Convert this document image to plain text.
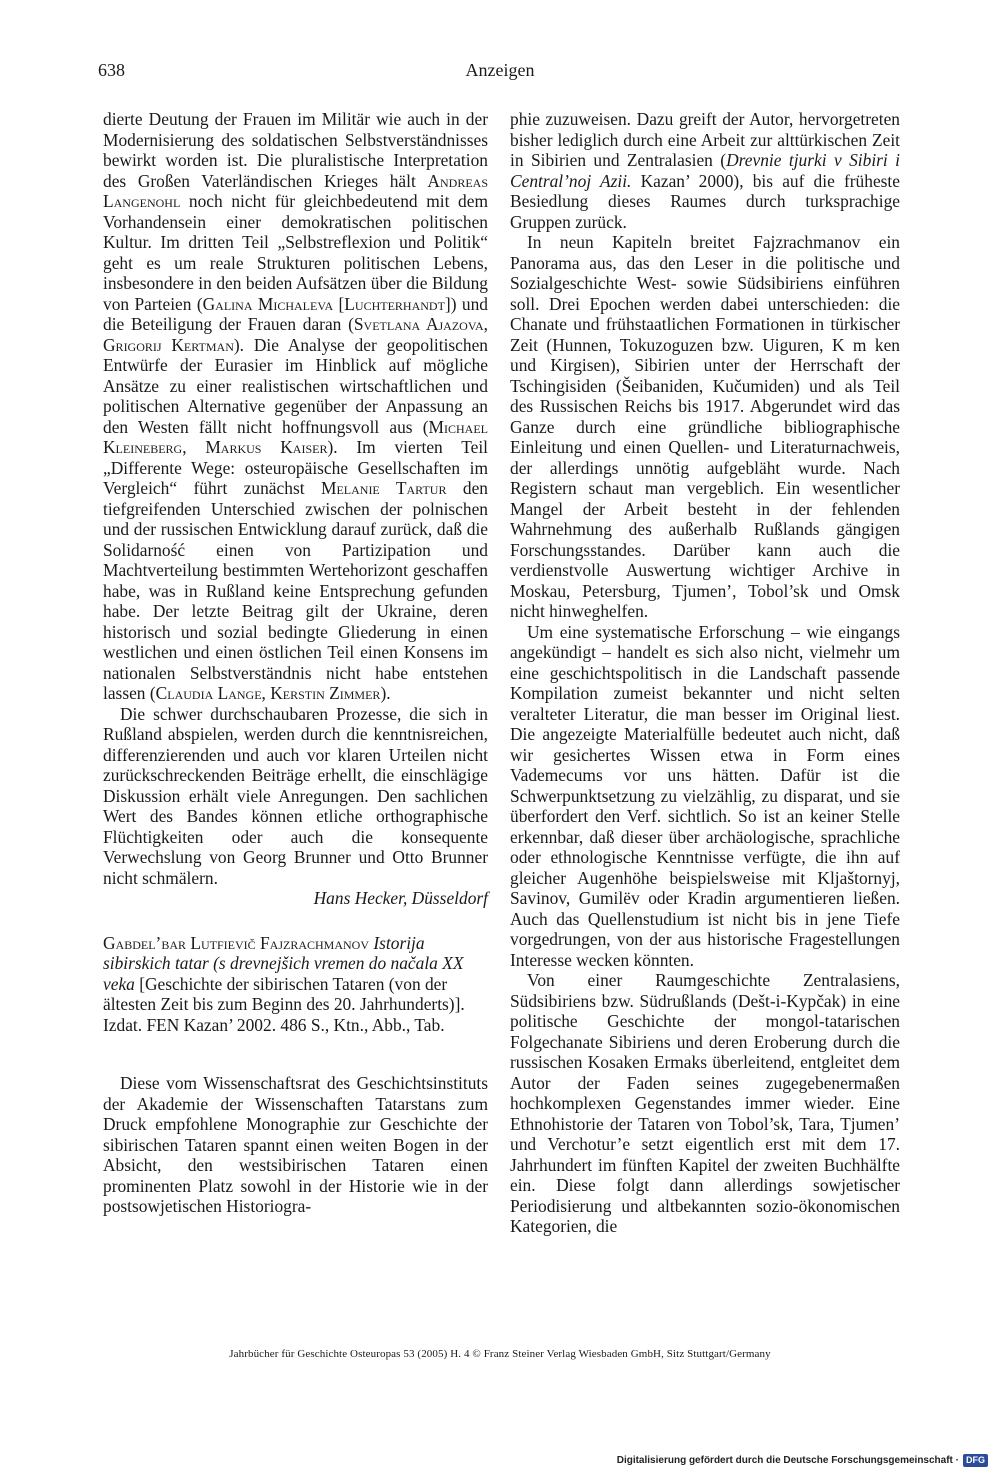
638	Anzeigen

dierte Deutung der Frauen im Militär wie auch in der Modernisierung des soldatischen Selbstverständnisses bewirkt worden ist. Die pluralistische Interpretation des Großen Vaterländischen Krieges hält Andreas Langenohl noch nicht für gleichbedeutend mit dem Vorhandensein einer demokratischen politischen Kultur. Im dritten Teil „Selbstreflexion und Politik“ geht es um reale Strukturen politischen Lebens, insbesondere in den beiden Aufsätzen über die Bildung von Parteien (Galina Michaleva [Luchterhandt]) und die Beteiligung der Frauen daran (Svetlana Ajazova, Grigorij Kertman). Die Analyse der geopolitischen Entwürfe der Eurasier im Hinblick auf mögliche Ansätze zu einer realistischen wirtschaftlichen und politischen Alternative gegenüber der Anpassung an den Westen fällt nicht hoffnungsvoll aus (Michael Kleineberg, Markus Kaiser). Im vierten Teil „Differente Wege: osteuropäische Gesellschaften im Vergleich“ führt zunächst Melanie Tartur den tiefgreifenden Unterschied zwischen der polnischen und der russischen Entwicklung darauf zurück, daß die Solidarność einen von Partizipation und Machtverteilung bestimmten Wertehorizont geschaffen habe, was in Rußland keine Entsprechung gefunden habe. Der letzte Beitrag gilt der Ukraine, deren historisch und sozial bedingte Gliederung in einen westlichen und einen östlichen Teil einen Konsens im nationalen Selbstverständnis nicht habe entstehen lassen (Claudia Lange, Kerstin Zimmer).

Die schwer durchschaubaren Prozesse, die sich in Rußland abspielen, werden durch die kenntnisreichen, differenzierenden und auch vor klaren Urteilen nicht zurückschreckenden Beiträge erhellt, die einschlägige Diskussion erhält viele Anregungen. Den sachlichen Wert des Bandes können etliche orthographische Flüchtigkeiten oder auch die konsequente Verwechslung von Georg Brunner und Otto Brunner nicht schmälern.

Hans Hecker, Düsseldorf

Gabdel’bar Lutfievič Fajzrachmanov Istorija sibirskich tatar (s drevnejšich vremen do načala XX veka [Geschichte der sibirischen Tataren (von der ältesten Zeit bis zum Beginn des 20. Jahrhunderts)]. Izdat. FEN Kazan’ 2002. 486 S., Ktn., Abb., Tab.

Diese vom Wissenschaftsrat des Geschichtsinstituts der Akademie der Wissenschaften Tatarstans zum Druck empfohlene Monographie zur Geschichte der sibirischen Tataren spannt einen weiten Bogen in der Absicht, den westsibirischen Tataren einen prominenten Platz sowohl in der Historie wie in der postsowjetischen Historiogra-

phie zuzuweisen. Dazu greift der Autor, hervorgetreten bisher lediglich durch eine Arbeit zur alttürkischen Zeit in Sibirien und Zentralasien (Drevnie tjurki v Sibiri i Central’noj Azii. Kazan’ 2000), bis auf die früheste Besiedlung dieses Raumes durch turksprachige Gruppen zurück.

In neun Kapiteln breitet Fajzrachmanov ein Panorama aus, das den Leser in die politische und Sozialgeschichte West- sowie Südsibiriens einführen soll. Drei Epochen werden dabei unterschieden: die Chanate und frühstaatlichen Formationen in türkischer Zeit (Hunnen, Tokuzoguzen bzw. Uiguren, K m ken und Kirgisen), Sibirien unter der Herrschaft der Tschingisiden (Šeibaniden, Kučumiden) und als Teil des Russischen Reichs bis 1917. Abgerundet wird das Ganze durch eine gründliche bibliographische Einleitung und einen Quellen- und Literaturnachweis, der allerdings unnötig aufgebläht wurde. Nach Registern schaut man vergeblich. Ein wesentlicher Mangel der Arbeit besteht in der fehlenden Wahrnehmung des außerhalb Rußlands gängigen Forschungsstandes. Darüber kann auch die verdienstvolle Auswertung wichtiger Archive in Moskau, Petersburg, Tjumen’, Tobol’sk und Omsk nicht hinweghelfen.

Um eine systematische Erforschung – wie eingangs angekündigt – handelt es sich also nicht, vielmehr um eine geschichtspolitisch in die Landschaft passende Kompilation zumeist bekannter und nicht selten veralteter Literatur, die man besser im Original liest. Die angezeigte Materialfülle bedeutet auch nicht, daß wir gesichertes Wissen etwa in Form eines Vademecums vor uns hätten. Dafür ist die Schwerpunktsetzung zu vielzählig, zu disparat, und sie überfordert den Verf. sichtlich. So ist an keiner Stelle erkennbar, daß dieser über archäologische, sprachliche oder ethnologische Kenntnisse verfügte, die ihn auf gleicher Augenhöhe beispielsweise mit Kljaštornyj, Savinov, Gumilëv oder Kradin argumentieren ließen. Auch das Quellenstudium ist nicht bis in jene Tiefe vorgedrungen, von der aus historische Fragestellungen Interesse wecken könnten.

Von einer Raumgeschichte Zentralasiens, Südsibiriens bzw. Südrußlands (Dešt-i-Kypčak) in eine politische Geschichte der mongol-tatarischen Folgechanate Sibiriens und deren Eroberung durch die russischen Kosaken Ermaks überleitend, entgleitet dem Autor der Faden seines zugegebenermaßen hochkomplexen Gegenstandes immer wieder. Eine Ethnohistorie der Tataren von Tobol’sk, Tara, Tjumen’ und Verchotur’e setzt eigentlich erst mit dem 17. Jahrhundert im fünften Kapitel der zweiten Buchhälfte ein. Diese folgt dann allerdings sowjetischer Periodisierung und altbekannten sozio-ökonomischen Kategorien, die

Jahrbücher für Geschichte Osteuropas 53 (2005) H. 4 © Franz Steiner Verlag Wiesbaden GmbH, Sitz Stuttgart/Germany
Digitalisierung gefördert durch die Deutsche Forschungsgemeinschaft · DFG
